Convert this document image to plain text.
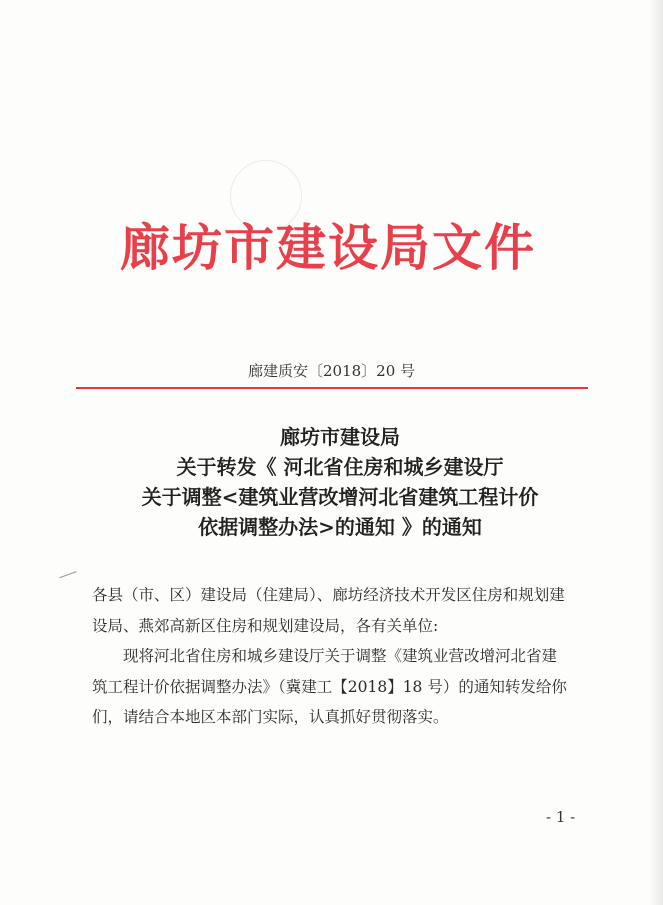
廊坊市建设局文件
廊建质安〔2018〕20 号
廊坊市建设局
关于转发《 河北省住房和城乡建设厅
关于调整<建筑业营改增河北省建筑工程计价
依据调整办法>的通知 》的通知

各县（市、区）建设局（住建局）、廊坊经济技术开发区住房和规划建设局、燕郊高新区住房和规划建设局，各有关单位:

现将河北省住房和城乡建设厅关于调整《建筑业营改增河北省建筑工程计价依据调整办法》（冀建工【2018】18 号）的通知转发给你们，请结合本地区本部门实际，认真抓好贯彻落实。

- 1 -
